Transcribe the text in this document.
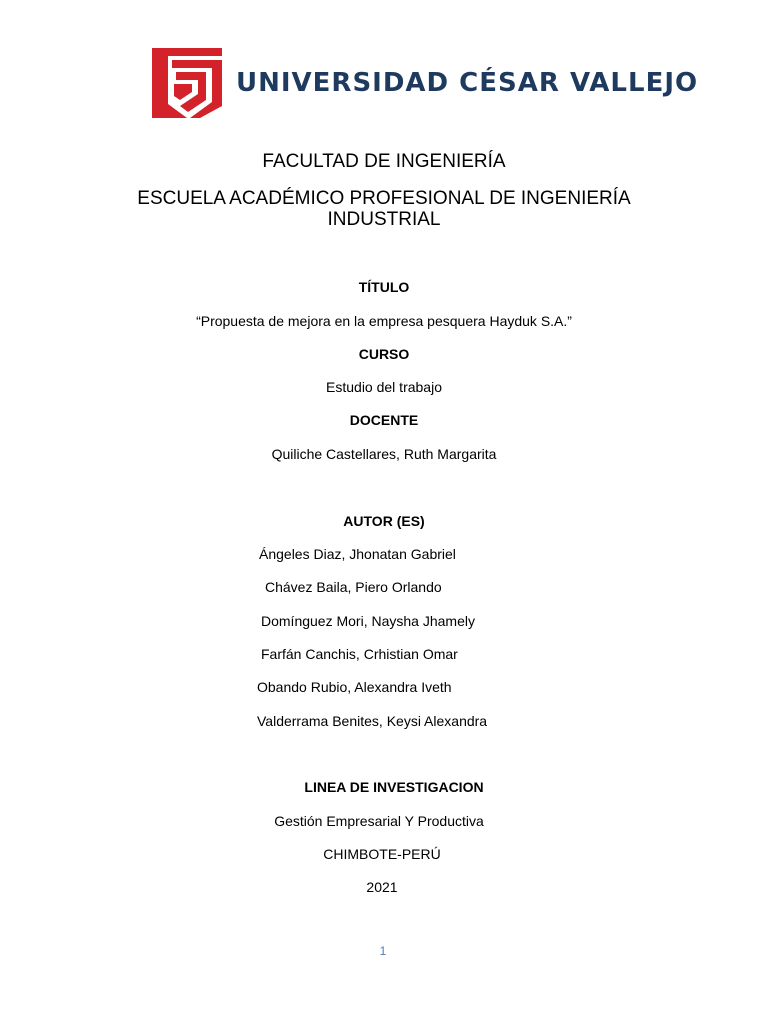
UNIVERSIDAD CÉSAR VALLEJO
FACULTAD DE INGENIERÍA
ESCUELA ACADÉMICO PROFESIONAL DE INGENIERÍA
INDUSTRIAL
TÍTULO
“Propuesta de mejora en la empresa pesquera Hayduk S.A.”
CURSO
Estudio del trabajo
DOCENTE
Quiliche Castellares, Ruth Margarita
AUTOR (ES)
Ángeles Diaz, Jhonatan Gabriel
Chávez Baila, Piero Orlando
Domínguez Mori, Naysha Jhamely
Farfán Canchis, Crhistian Omar
Obando Rubio, Alexandra Iveth
Valderrama Benites, Keysi Alexandra
LINEA DE INVESTIGACION
Gestión Empresarial Y Productiva
CHIMBOTE-PERÚ
2021
1
